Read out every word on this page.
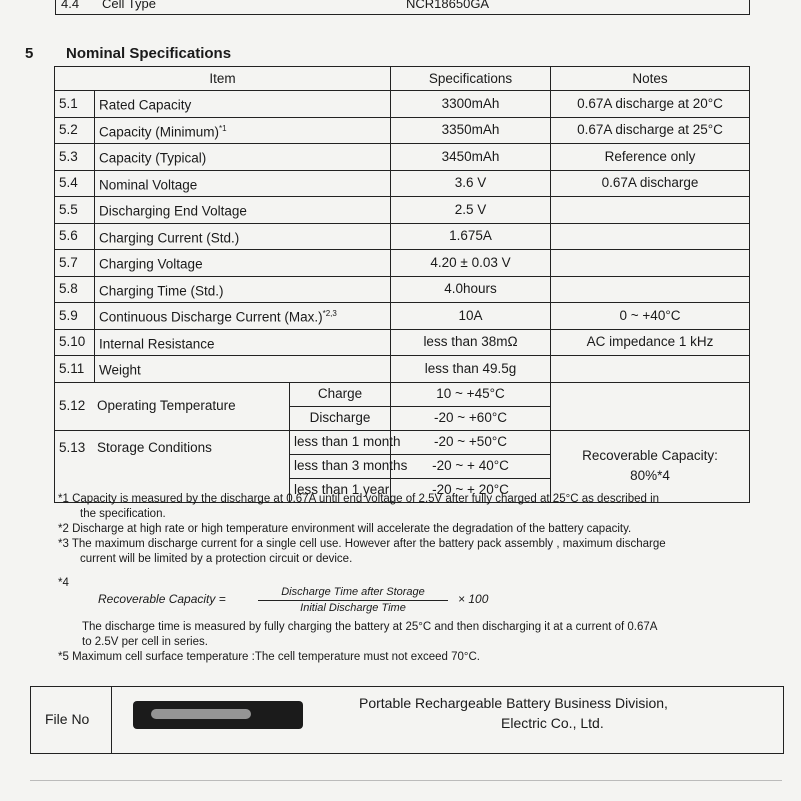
4.4 Cell Type	NCR18650GA
5 Nominal Specifications
Item			Specifications	Notes
5.1	Rated Capacity		3300mAh	0.67A discharge at 20°C
5.2	Capacity (Minimum)$^{*1}$		3350mAh	0.67A discharge at 25°C
5.3	Capacity (Typical)		3450mAh	Reference only
5.4	Nominal Voltage		3.6 V	0.67A discharge
5.5	Discharging End Voltage		2.5 V	
5.6	Charging Current (Std.)		1.675A	
5.7	Charging Voltage		4.20 ± 0.03 V	
5.8	Charging Time (Std.)		4.0hours	
5.9	Continuous Discharge Current $(Max.)^{*2,3}$		10A	0 ~ +40°C
5.10	Internal Resistance		less than 38mΩ	AC impedance 1 kHz
5.11	Weight		less than 49.5g	
5.12 Operating Temperature		Charge	10 ~ +45°C	
		Discharge	-20 ~ +60°C	
5.13 Storage Conditions		less than 1 month	-20 ~ +50°C	Recoverable Capacity:
80%*4

		less than 3 months	-20 ~ + 40°C	
		less than 1 year	-20 ~ + 20°C	

*1 Capacity is measured by the discharge at 0.67A until end voltage of 2.5V after fully charged at 25°C as described in

the specification.

*2 Discharge at high rate or high temperature environment will accelerate the degradation of the battery capacity.

*3 The maximum discharge current for a single cell use. However after the battery pack assembly , maximum discharge

current will be limited by a protection circuit or device.

*4

Recoverable Capacity =	Discharge Time after Storage
Initial Discharge Time
× 100

The discharge time is measured by fully charging the battery at 25°C and then discharging it at a current of 0.67A

to 2.5V per cell in series.

*5 Maximum cell surface temperature :The cell temperature must not exceed 70°C.

File No
Portable Rechargeable Battery Business Division,
Electric Co., Ltd.
